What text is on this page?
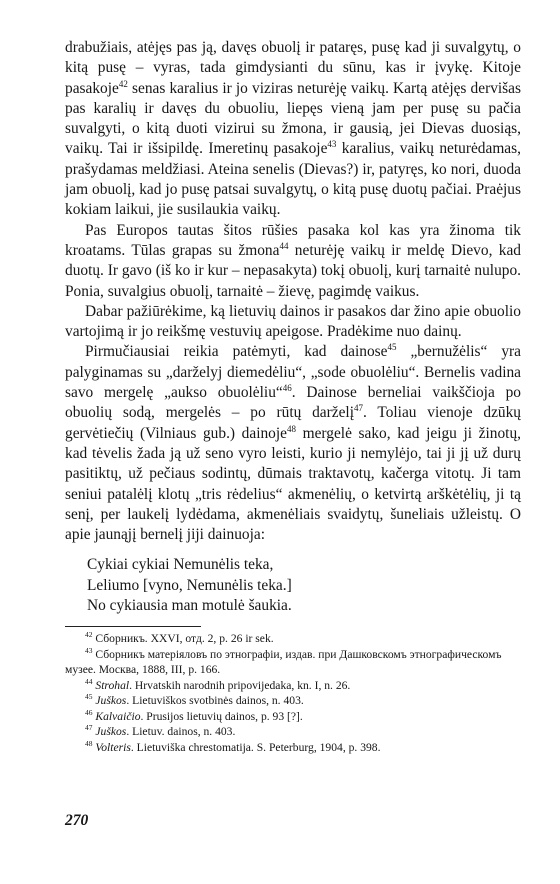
drabužiais, atėjęs pas ją, davęs obuolį ir pataręs, pusę kad ji suvalgytų, o kitą pusę – vyras, tada gimdysianti du sūnu, kas ir įvykę. Kitoje pasakoje$^{42}$ senas karalius ir jo viziras neturėję vaikų. Kartą atėjęs dervišas pas karalių ir davęs du obuoliu, liepęs vieną jam per pusę su pačia suvalgyti, o kitą duoti vizirui su žmona, ir gausią, jei Dievas duosiąs, vaikų. Tai ir išsipildę. Imeretinų pasakoje$^{43}$ karalius, vaikų neturėdamas, prašydamas meldžiasi. Ateina senelis (Dievas?) ir, patyręs, ko nori, duoda jam obuolį, kad jo pusę patsai suvalgytų, o kitą pusę duotų pačiai. Praėjus kokiam laikui, jie susilaukia vaikų.

Pas Europos tautas šitos rūšies pasaka kol kas yra žinoma tik kroatams. Tūlas grapas su žmona$^{44}$ neturėję vaikų ir meldę Dievo, kad duotų. Ir gavo (iš ko ir kur – nepasakyta) tokį obuolį, kurį tarnaitė nulupo. Ponia, suvalgius obuolį, tarnaitė – žievę, pagimdę vaikus.

Dabar pažiūrėkime, ką lietuvių dainos ir pasakos dar žino apie obuolio vartojimą ir jo reikšmę vestuvių apeigose. Pradėkime nuo dainų.

Pirmučiausiai reikia patėmyti, kad dainose$^{45}$ „bernužėlis“ yra palyginamas su „darželyj diemedėliu“, „sode obuolėliu“. Bernelis vadina savo mergelę „aukso obuolėliu“$^{46}$. Dainose berneliai vaikščioja po obuolių sodą, mergelės – po rūtų darželį$^{47}$. Toliau vienoje dzūkų gervėtiečių (Vilniaus gub.) dainoje$^{48}$ mergelė sako, kad jeigu ji žinotų, kad tėvelis žada ją už seno vyro leisti, kurio ji nemylėjo, tai ji jį už durų pasitiktų, už pečiaus sodintų, dūmais traktavotų, kačerga vitotų. Ji tam seniui patalėlį klotų „tris rėdelius“ akmenėlių, o ketvirtą arškėtėlių, ji tą senį, per laukelį lydėdama, akmenėliais svaidytų, šuneliais užleistų. O apie jaunąjį bernelį jiji dainuoja:

Cykiai cykiai Nemunėlis teka,
Leliumo [vyno, Nemunėlis teka.]
No cykiausia man motulė šaukia.
$^{42}$ Сборникъ. XXVI, отд. 2, p. 26 ir sek.
$^{43}$ Сборникъ матеріяловъ по этнографіи, издав. при Дашковскомъ этнографическомъ музее. Москва, 1888, III, p. 166.
$^{44}$ Strohal. Hrvatskih narodnih pripovijedaka, kn. I, n. 26.
$^{45}$ Juškos. Lietuviškos svotbinės dainos, n. 403.
$^{46}$ Kalvaičio. Prusijos lietuvių dainos, p. 93 [?].
$^{47}$ Juškos. Lietuv. dainos, n. 403.
$^{48}$ Volteris. Lietuviška chrestomatija. S. Peterburg, 1904, p. 398.
270
